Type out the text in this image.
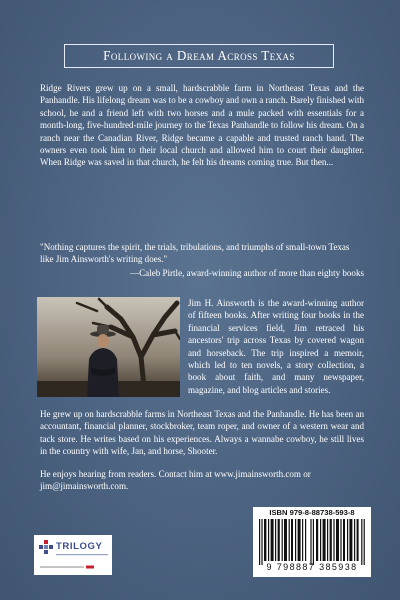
Following a Dream Across Texas

Ridge Rivers grew up on a small, hardscrabble farm in Northeast Texas and the Panhandle. His lifelong dream was to be a cowboy and own a ranch. Barely finished with school, he and a friend left with two horses and a mule packed with essentials for a month-long, five-hundred-mile journey to the Texas Panhandle to follow his dream. On a ranch near the Canadian River, Ridge became a capable and trusted ranch hand. The owners even took him to their local church and allowed him to court their daughter. When Ridge was saved in that church, he felt his dreams coming true. But then...

"Nothing captures the spirit, the trials, tribulations, and triumphs of small-town Texas like Jim Ainsworth's writing does."

—Caleb Pirtle, award-winning author of more than eighty books

Jim H. Ainsworth is the award-winning author of fifteen books. After writing four books in the financial services field, Jim retraced his ancestors' trip across Texas by covered wagon and horseback. The trip inspired a memoir, which led to ten novels, a story collection, a book about faith, and many newspaper, magazine, and blog articles and stories.

He grew up on hardscrabble farms in Northeast Texas and the Panhandle. He has been an accountant, financial planner, stockbroker, team roper, and owner of a western wear and tack store. He writes based on his experiences. Always a wannabe cowboy, he still lives in the country with wife, Jan, and horse, Shooter.

He enjoys hearing from readers. Contact him at www.jimainsworth.com or jim@jimainsworth.com.

TRILOGY
ISBN 979-8-88738-593-8
9 798887 385938
